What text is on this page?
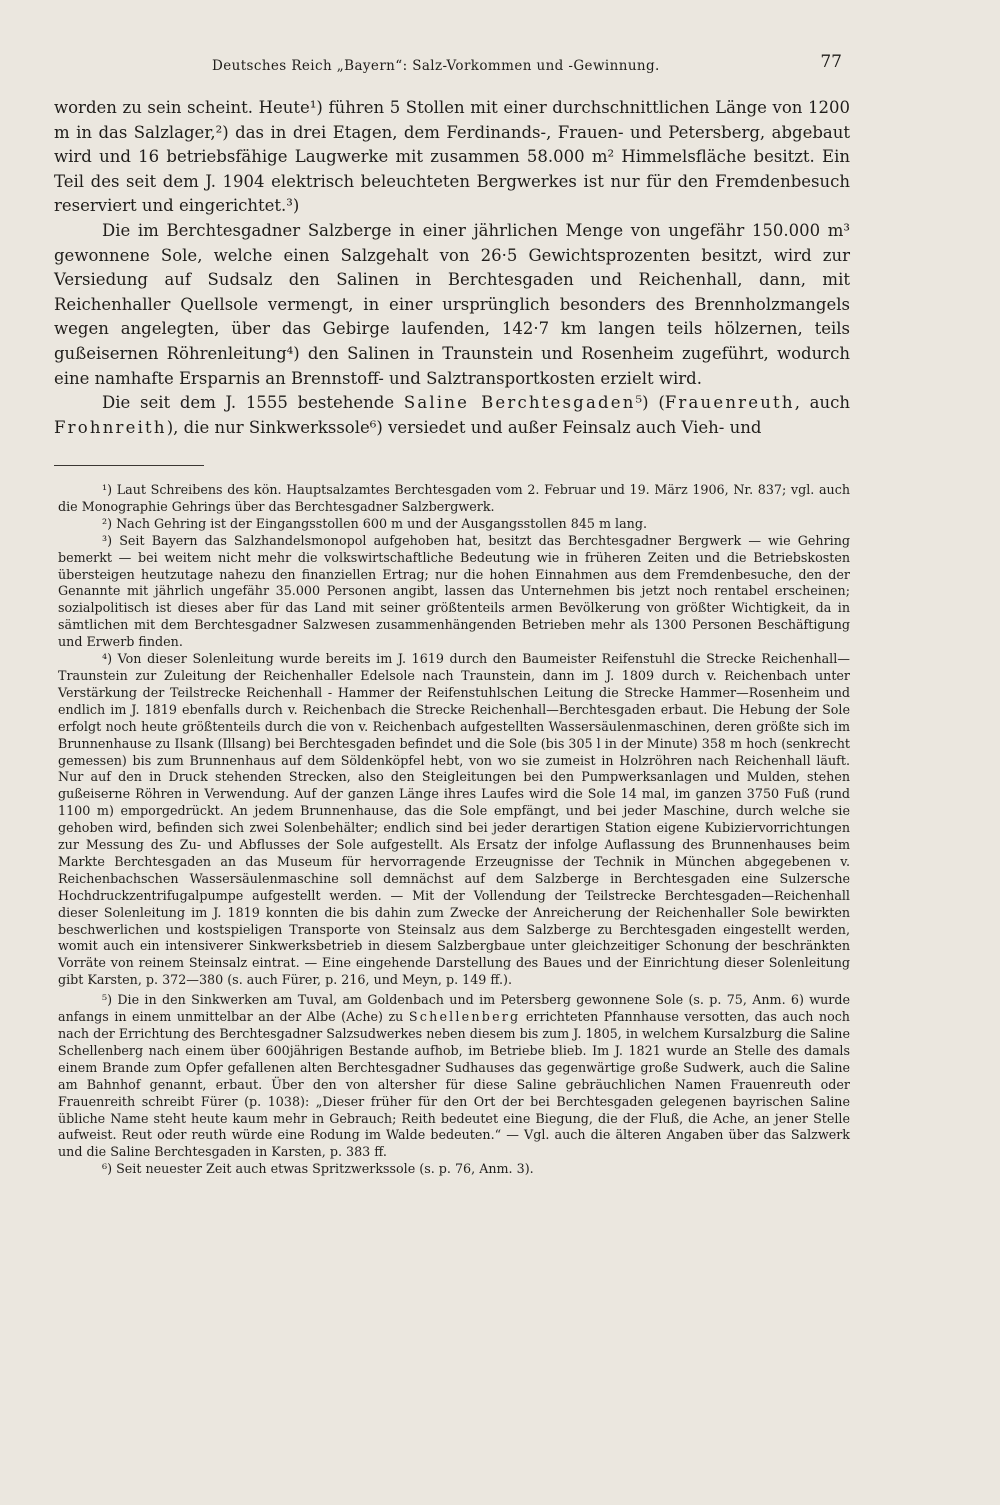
Deutsches Reich „Bayern“: Salz-Vorkommen und -Gewinnung.	77

worden zu sein scheint. Heute¹) führen 5 Stollen mit einer durchschnittlichen Länge von 1200 m in das Salzlager,²) das in drei Etagen, dem Ferdinands-, Frauen- und Petersberg, abgebaut wird und 16 betriebsfähige Laugwerke mit zusammen 58.000 m² Himmelsfläche besitzt. Ein Teil des seit dem J. 1904 elektrisch beleuchteten Bergwerkes ist nur für den Fremdenbesuch reserviert und eingerichtet.³)

Die im Berchtesgadner Salzberge in einer jährlichen Menge von ungefähr 150.000 m³ gewonnene Sole, welche einen Salzgehalt von 26·5 Gewichtsprozenten besitzt, wird zur Versiedung auf Sudsalz den Salinen in Berchtesgaden und Reichenhall, dann, mit Reichenhaller Quellsole vermengt, in einer ursprünglich besonders des Brennholzmangels wegen angelegten, über das Gebirge laufenden, 142·7 km langen teils hölzernen, teils gußeisernen Röhrenleitung⁴) den Salinen in Traunstein und Rosenheim zugeführt, wodurch eine namhafte Ersparnis an Brennstoff- und Salztransportkosten erzielt wird.

Die seit dem J. 1555 bestehende Saline Berchtesgaden⁵) (Frauenreuth, auch Frohnreith), die nur Sinkwerkssole⁶) versiedet und außer Feinsalz auch Vieh- und

¹) Laut Schreibens des kön. Hauptsalzamtes Berchtesgaden vom 2. Februar und 19. März 1906, Nr. 837; vgl. auch die Monographie Gehrings über das Berchtesgadner Salzbergwerk.

²) Nach Gehring ist der Eingangsstollen 600 m und der Ausgangsstollen 845 m lang.

³) Seit Bayern das Salzhandelsmonopol aufgehoben hat, besitzt das Berchtesgadner Bergwerk — wie Gehring bemerkt — bei weitem nicht mehr die volkswirtschaftliche Bedeutung wie in früheren Zeiten und die Betriebskosten übersteigen heutzutage nahezu den finanziellen Ertrag; nur die hohen Einnahmen aus dem Fremdenbesuche, den der Genannte mit jährlich ungefähr 35.000 Personen angibt, lassen das Unternehmen bis jetzt noch rentabel erscheinen; sozialpolitisch ist dieses aber für das Land mit seiner größtenteils armen Bevölkerung von größter Wichtigkeit, da in sämtlichen mit dem Berchtesgadner Salzwesen zusammenhängenden Betrieben mehr als 1300 Personen Beschäftigung und Erwerb finden.

⁴) Von dieser Solenleitung wurde bereits im J. 1619 durch den Baumeister Reifenstuhl die Strecke Reichenhall—Traunstein zur Zuleitung der Reichenhaller Edelsole nach Traunstein, dann im J. 1809 durch v. Reichenbach unter Verstärkung der Teilstrecke Reichenhall - Hammer der Reifenstuhlschen Leitung die Strecke Hammer—Rosenheim und endlich im J. 1819 ebenfalls durch v. Reichenbach die Strecke Reichenhall—Berchtesgaden erbaut. Die Hebung der Sole erfolgt noch heute größtenteils durch die von v. Reichenbach aufgestellten Wassersäulenmaschinen, deren größte sich im Brunnenhause zu Ilsank (Illsang) bei Berchtesgaden befindet und die Sole (bis 305 l in der Minute) 358 m hoch (senkrecht gemessen) bis zum Brunnenhaus auf dem Söldenköpfel hebt, von wo sie zumeist in Holzröhren nach Reichenhall läuft. Nur auf den in Druck stehenden Strecken, also den Steigleitungen bei den Pumpwerksanlagen und Mulden, stehen gußeiserne Röhren in Verwendung. Auf der ganzen Länge ihres Laufes wird die Sole 14 mal, im ganzen 3750 Fuß (rund 1100 m) emporgedrückt. An jedem Brunnenhause, das die Sole empfängt, und bei jeder Maschine, durch welche sie gehoben wird, befinden sich zwei Solenbehälter; endlich sind bei jeder derartigen Station eigene Kubiziervorrichtungen zur Messung des Zu- und Abflusses der Sole aufgestellt. Als Ersatz der infolge Auflassung des Brunnenhauses beim Markte Berchtesgaden an das Museum für hervorragende Erzeugnisse der Technik in München abgegebenen v. Reichenbachschen Wassersäulenmaschine soll demnächst auf dem Salzberge in Berchtesgaden eine Sulzersche Hochdruckzentrifugalpumpe aufgestellt werden. — Mit der Vollendung der Teilstrecke Berchtesgaden—Reichenhall dieser Solenleitung im J. 1819 konnten die bis dahin zum Zwecke der Anreicherung der Reichenhaller Sole bewirkten beschwerlichen und kostspieligen Transporte von Steinsalz aus dem Salzberge zu Berchtesgaden eingestellt werden, womit auch ein intensiverer Sinkwerksbetrieb in diesem Salzbergbaue unter gleichzeitiger Schonung der beschränkten Vorräte von reinem Steinsalz eintrat. — Eine eingehende Darstellung des Baues und der Einrichtung dieser Solenleitung gibt Karsten, p. 372—380 (s. auch Fürer, p. 216, und Meyn, p. 149 ff.).

⁵) Die in den Sinkwerken am Tuval, am Goldenbach und im Petersberg gewonnene Sole (s. p. 75, Anm. 6) wurde anfangs in einem unmittelbar an der Albe (Ache) zu Schellenberg errichteten Pfannhause versotten, das auch noch nach der Errichtung des Berchtesgadner Salzsudwerkes neben diesem bis zum J. 1805, in welchem Kursalzburg die Saline Schellenberg nach einem über 600jährigen Bestande aufhob, im Betriebe blieb. Im J. 1821 wurde an Stelle des damals einem Brande zum Opfer gefallenen alten Berchtesgadner Sudhauses das gegenwärtige große Sudwerk, auch die Saline am Bahnhof genannt, erbaut. Über den von altersher für diese Saline gebräuchlichen Namen Frauenreuth oder Frauenreith schreibt Fürer (p. 1038): „Dieser früher für den Ort der bei Berchtesgaden gelegenen bayrischen Saline übliche Name steht heute kaum mehr in Gebrauch; Reith bedeutet eine Biegung, die der Fluß, die Ache, an jener Stelle aufweist. Reut oder reuth würde eine Rodung im Walde bedeuten.“ — Vgl. auch die älteren Angaben über das Salzwerk und die Saline Berchtesgaden in Karsten, p. 383 ff.

⁶) Seit neuester Zeit auch etwas Spritzwerkssole (s. p. 76, Anm. 3).
